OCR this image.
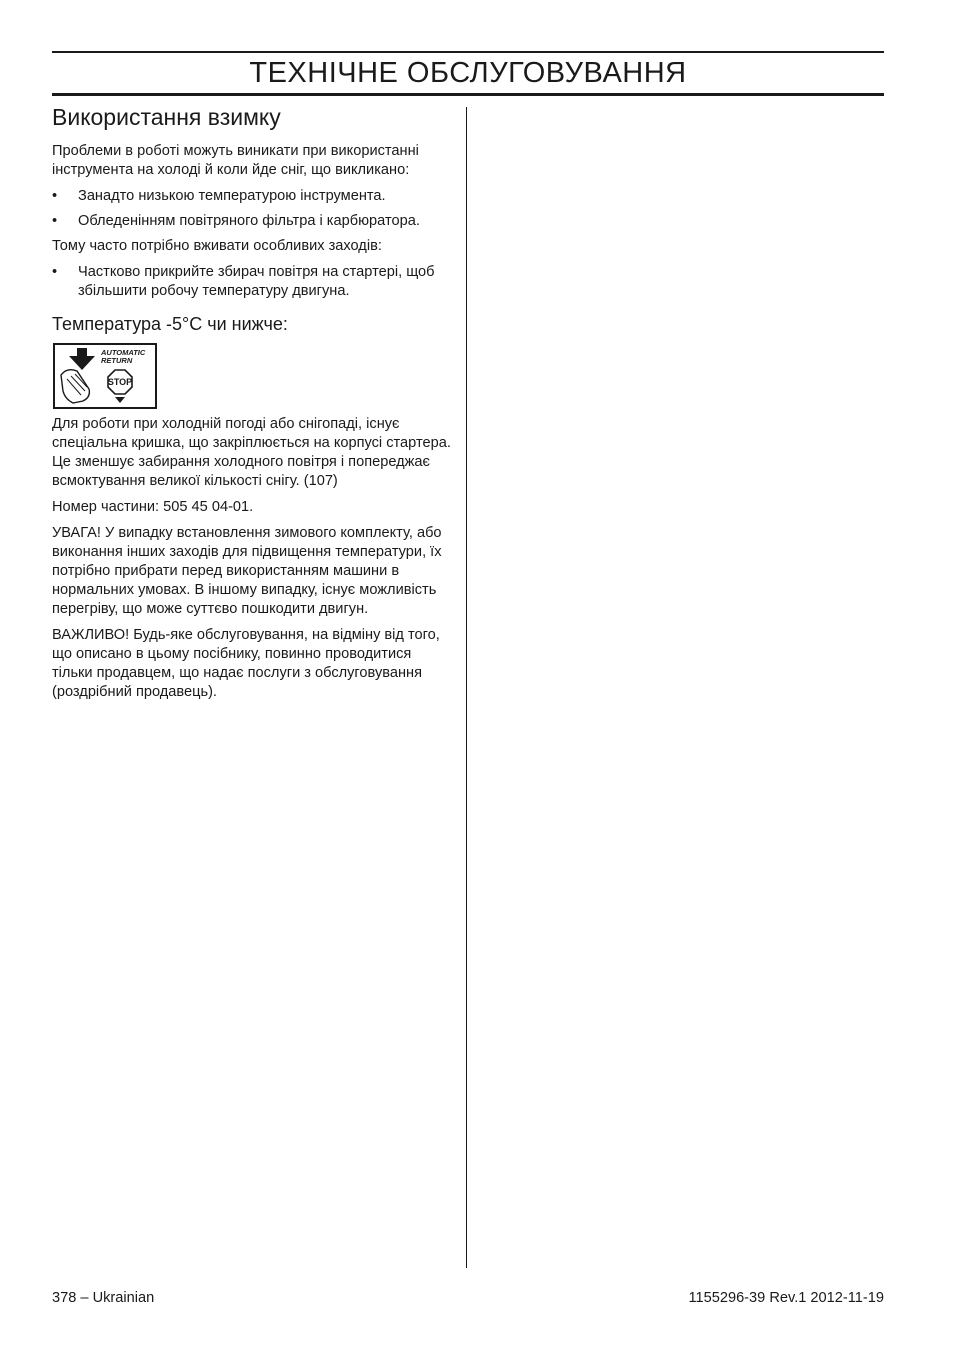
ТЕХНІЧНЕ ОБСЛУГОВУВАННЯ
Використання взимку

Проблеми в роботі можуть виникати при використанні інструмента на холоді й коли йде сніг, що викликано:

•	Занадто низькою температурою інструмента.
•	Обледенінням повітряного фільтра і карбюратора.

Тому часто потрібно вживати особливих заходів:

•	Частково прикрийте збирач повітря на стартері, щоб збільшити робочу температуру двигуна.
Температура -5°C чи нижче:
AUTOMATIC
RETURN
STOP

Для роботи при холодній погоді або снігопаді, існує спеціальна кришка, що закріплюється на корпусі стартера. Це зменшує забирання холодного повітря і попереджає всмоктування великої кількості снігу. (107)

Номер частини: 505 45 04-01.

УВАГА! У випадку встановлення зимового комплекту, або виконання інших заходів для підвищення температури, їх потрібно прибрати перед використанням машини в нормальних умовах. В іншому випадку, існує можливість перегріву, що може суттєво пошкодити двигун.

ВАЖЛИВО! Будь-яке обслуговування, на відміну від того, що описано в цьому посібнику, повинно проводитися тільки продавцем, що надає послуги з обслуговування (роздрібний продавець).

378 – Ukrainian	1155296-39 Rev.1 2012-11-19
